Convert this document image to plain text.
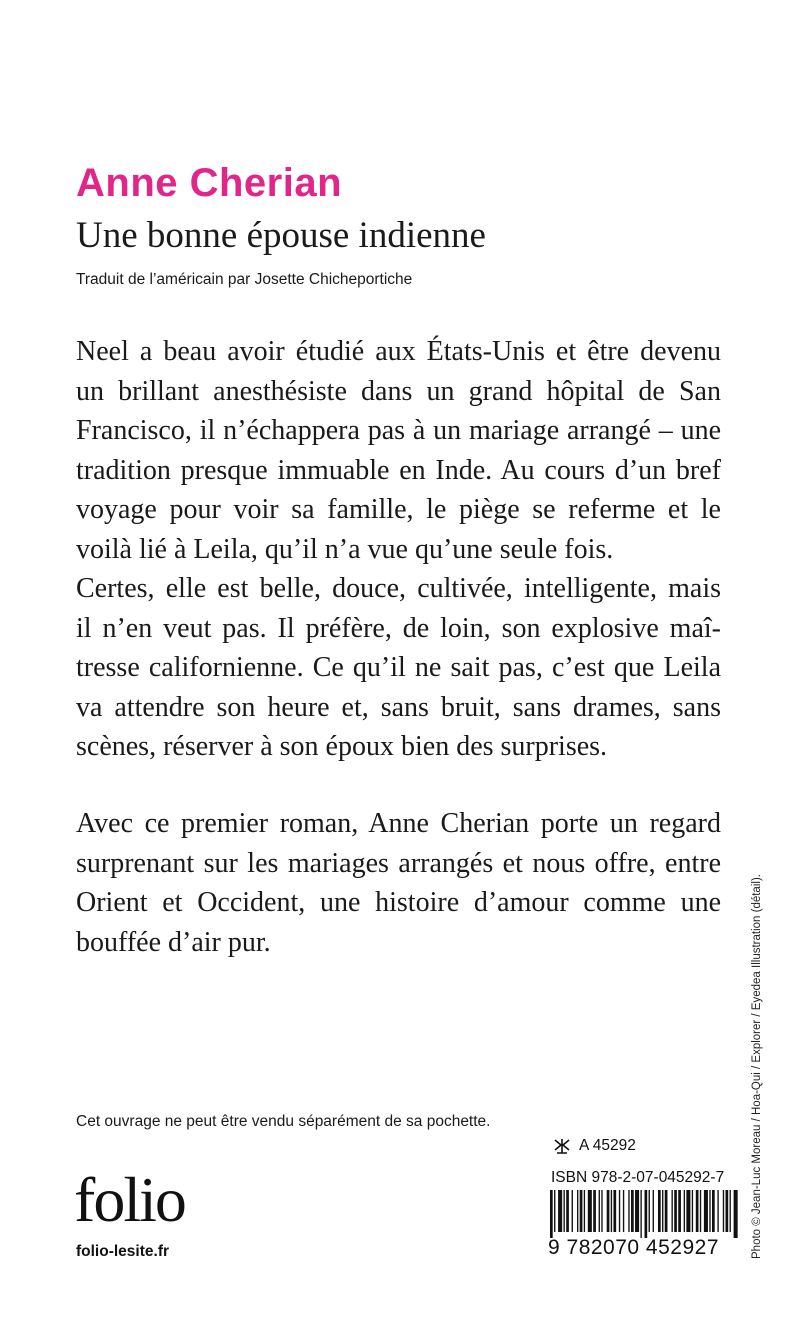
Anne Cherian
Une bonne épouse indienne
Traduit de l’américain par Josette Chicheportiche

Neel a beau avoir étudié aux États-Unis et être devenu
un brillant anesthésiste dans un grand hôpital de San
Francisco, il n’échappera pas à un mariage arrangé – une
tradition presque immuable en Inde. Au cours d’un bref
voyage pour voir sa famille, le piège se referme et le
voilà lié à Leila, qu’il n’a vue qu’une seule fois.
Certes, elle est belle, douce, cultivée, intelligente, mais
il n’en veut pas. Il préfère, de loin, son explosive maî-
tresse californienne. Ce qu’il ne sait pas, c’est que Leila
va attendre son heure et, sans bruit, sans drames, sans
scènes, réserver à son époux bien des surprises.

Avec ce premier roman, Anne Cherian porte un regard
surprenant sur les mariages arrangés et nous offre, entre
Orient et Occident, une histoire d’amour comme une
bouffée d’air pur.

Cet ouvrage ne peut être vendu séparément de sa pochette.
folio
folio-lesite.fr
A 45292
ISBN 978-2-07-045292-7
9 782070 452927	Photo © Jean-Luc Moreau / Hoa-Qui / Explorer / Eyedea Illustration (détail).
